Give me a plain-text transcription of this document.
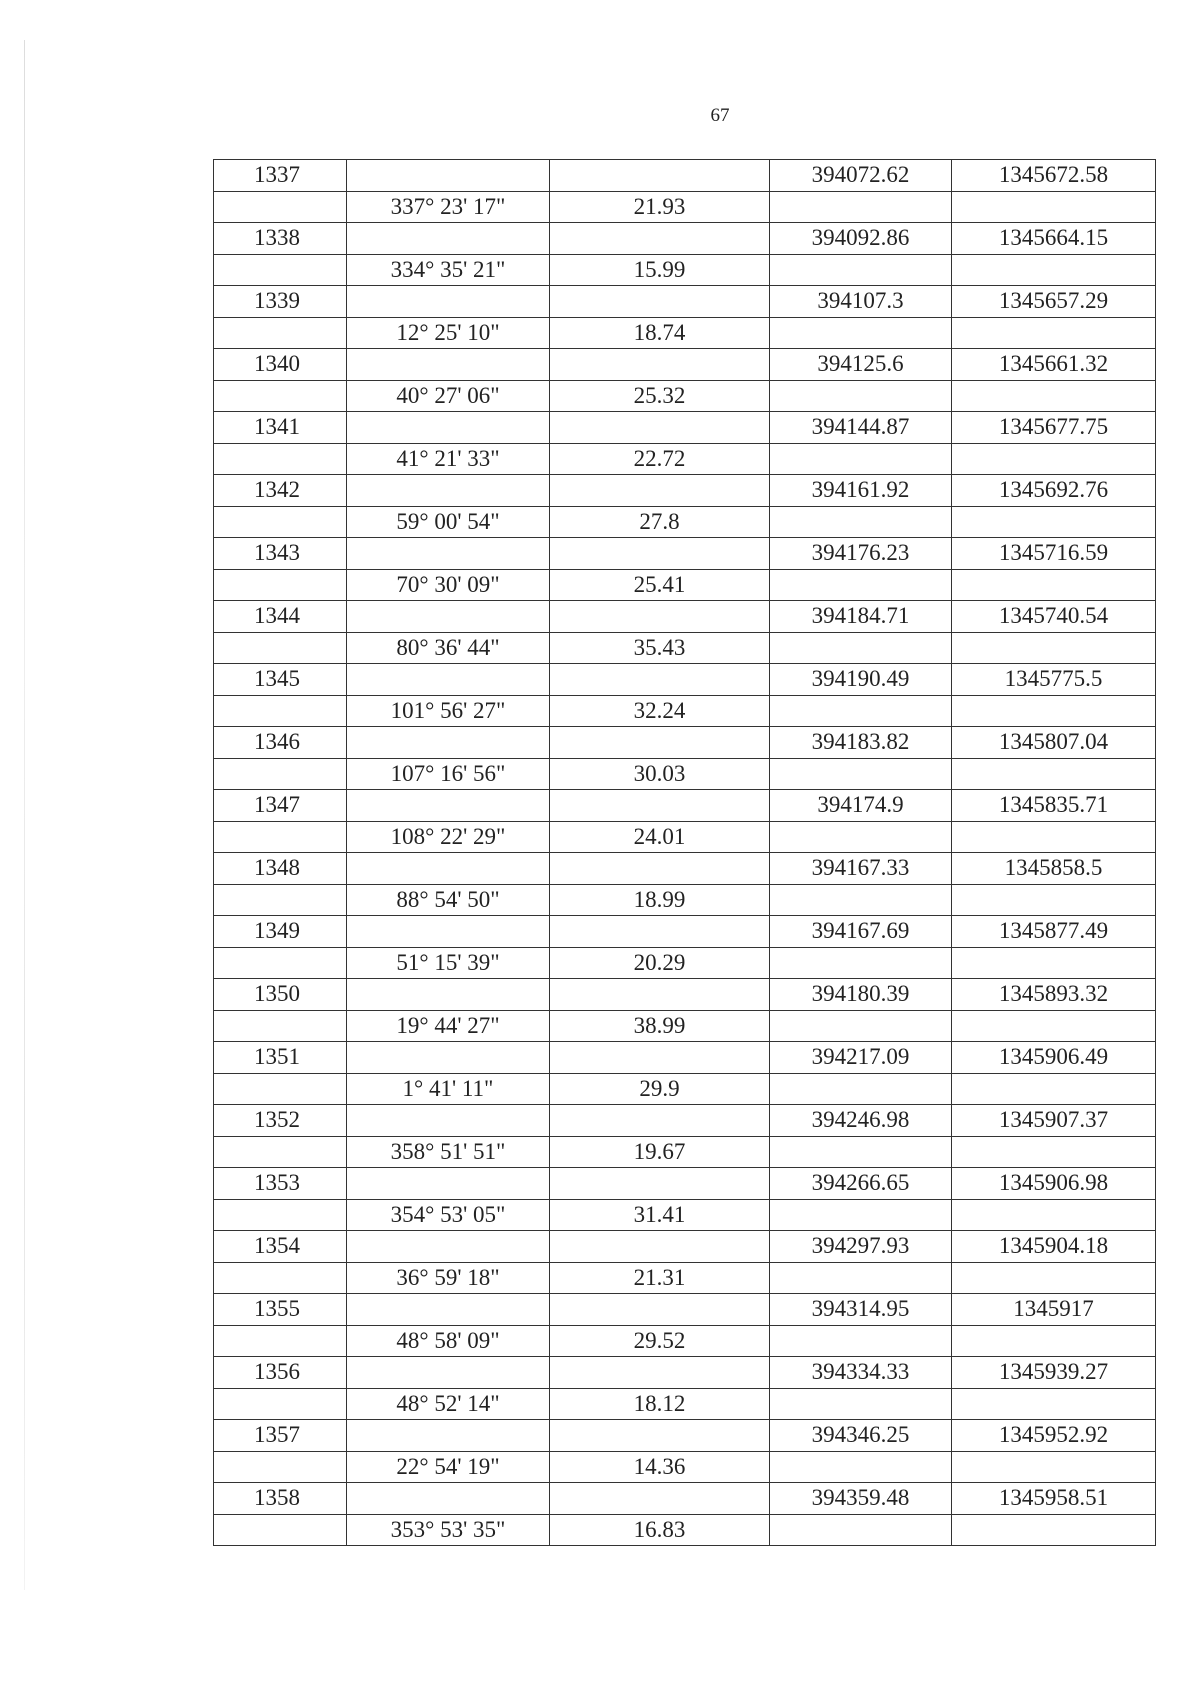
67
1337			394072.62	1345672.58
	337° 23' 17"	21.93		
1338			394092.86	1345664.15
	334° 35' 21"	15.99		
1339			394107.3	1345657.29
	12° 25' 10"	18.74		
1340			394125.6	1345661.32
	40° 27' 06"	25.32		
1341			394144.87	1345677.75
	41° 21' 33"	22.72		
1342			394161.92	1345692.76
	59° 00' 54"	27.8		
1343			394176.23	1345716.59
	70° 30' 09"	25.41		
1344			394184.71	1345740.54
	80° 36' 44"	35.43		
1345			394190.49	1345775.5
	101° 56' 27"	32.24		
1346			394183.82	1345807.04
	107° 16' 56"	30.03		
1347			394174.9	1345835.71
	108° 22' 29"	24.01		
1348			394167.33	1345858.5
	88° 54' 50"	18.99		
1349			394167.69	1345877.49
	51° 15' 39"	20.29		
1350			394180.39	1345893.32
	19° 44' 27"	38.99		
1351			394217.09	1345906.49
	1° 41' 11"	29.9		
1352			394246.98	1345907.37
	358° 51' 51"	19.67		
1353			394266.65	1345906.98
	354° 53' 05"	31.41		
1354			394297.93	1345904.18
	36° 59' 18"	21.31		
1355			394314.95	1345917
	48° 58' 09"	29.52		
1356			394334.33	1345939.27
	48° 52' 14"	18.12		
1357			394346.25	1345952.92
	22° 54' 19"	14.36		
1358			394359.48	1345958.51
	353° 53' 35"	16.83		
